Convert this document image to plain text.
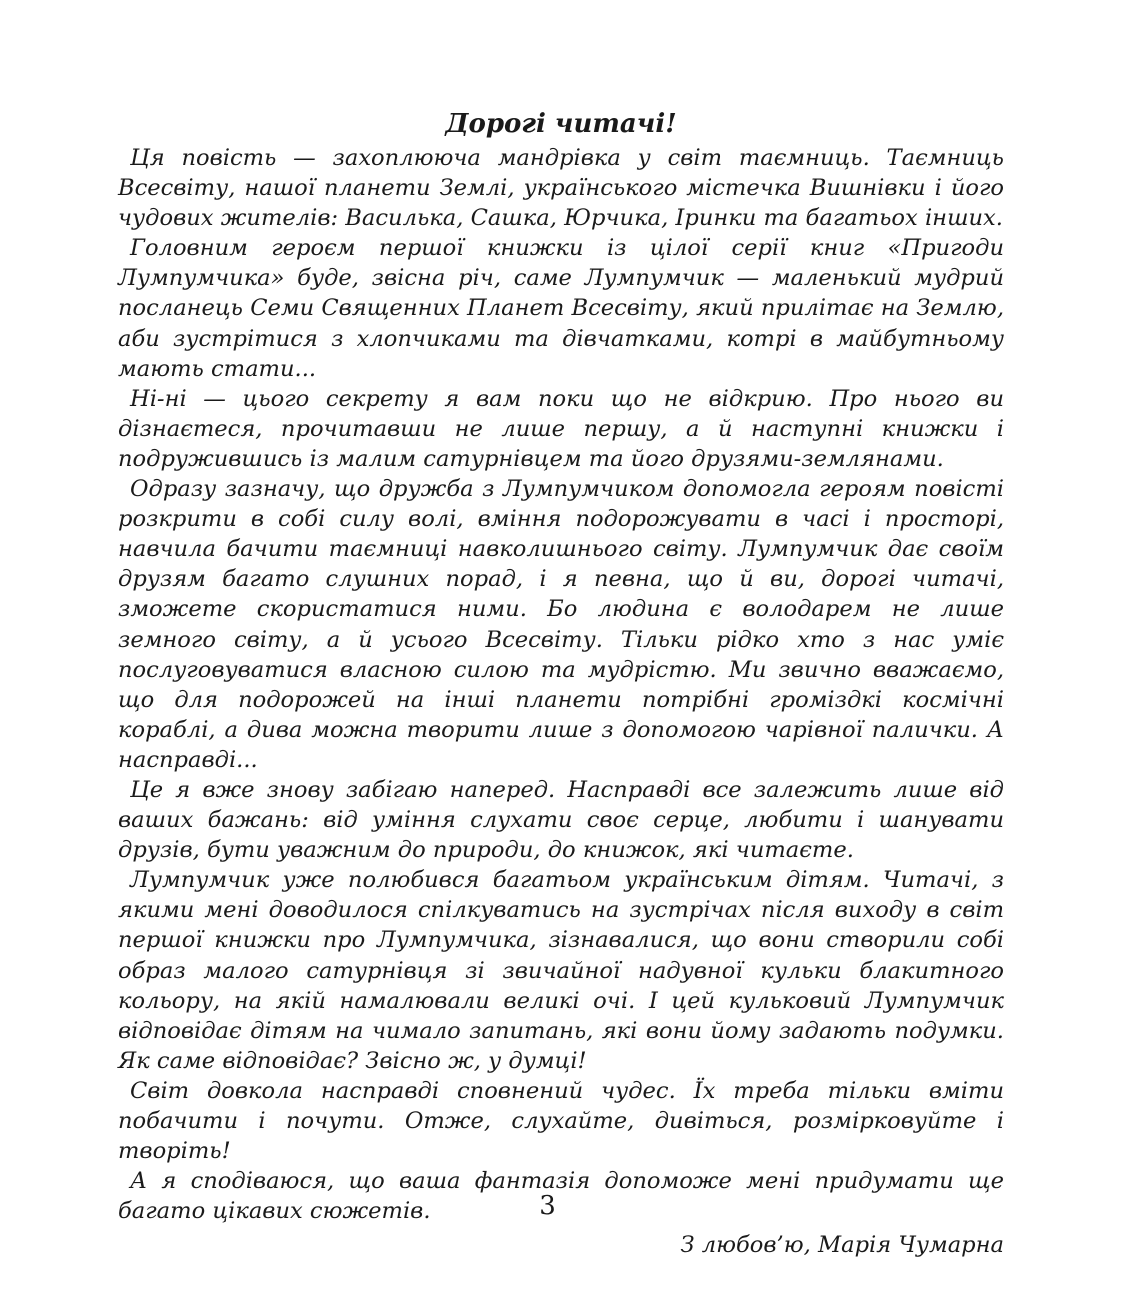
Дорогі читачі!

Ця повість — захоплююча мандрівка у світ таємниць. Таємниць Всесвіту, нашої планети Землі, українського містечка Вишнівки і його чудових жителів: Василька, Сашка, Юрчика, Іринки та багатьох інших.

Головним героєм першої книжки із цілої серії книг «Пригоди Лумпумчика» буде, звісна річ, саме Лумпумчик — маленький мудрий посланець Семи Священних Планет Всесвіту, який прилітає на Землю, аби зустрітися з хлопчиками та дівчатками, котрі в майбутньому мають стати...

Ні-ні — цього секрету я вам поки що не відкрию. Про нього ви дізнаєтеся, прочитавши не лише першу, а й наступні книжки і подружившись із малим сатурнівцем та його друзями-землянами.

Одразу зазначу, що дружба з Лумпумчиком допомогла героям повісті розкрити в собі силу волі, вміння подорожувати в часі і просторі, навчила бачити таємниці навколишнього світу. Лумпумчик дає своїм друзям багато слушних порад, і я певна, що й ви, дорогі читачі, зможете скористатися ними. Бо людина є володарем не лише земного світу, а й усього Всесвіту. Тільки рідко хто з нас уміє послуговуватися власною силою та мудрістю. Ми звично вважаємо, що для подорожей на інші планети потрібні громіздкі космічні кораблі, а дива можна творити лише з допомогою чарівної палички. А насправді...

Це я вже знову забігаю наперед. Насправді все залежить лише від ваших бажань: від уміння слухати своє серце, любити і шанувати друзів, бути уважним до природи, до книжок, які читаєте.

Лумпумчик уже полюбився багатьом українським дітям. Читачі, з якими мені доводилося спілкуватись на зустрічах після виходу в світ першої книжки про Лумпумчика, зізнавалися, що вони створили собі образ малого сатурнівця зі звичайної надувної кульки блакитного кольору, на якій намалювали великі очі. І цей кульковий Лумпумчик відповідає дітям на чимало запитань, які вони йому задають подумки. Як саме відповідає? Звісно ж, у думці!

Світ довкола насправді сповнений чудес. Їх треба тільки вміти побачити і почути. Отже, слухайте, дивіться, розмірковуйте і творіть!

А я сподіваюся, що ваша фантазія допоможе мені придумати ще багато цікавих сюжетів.

З любов’ю, Марія Чумарна

3
